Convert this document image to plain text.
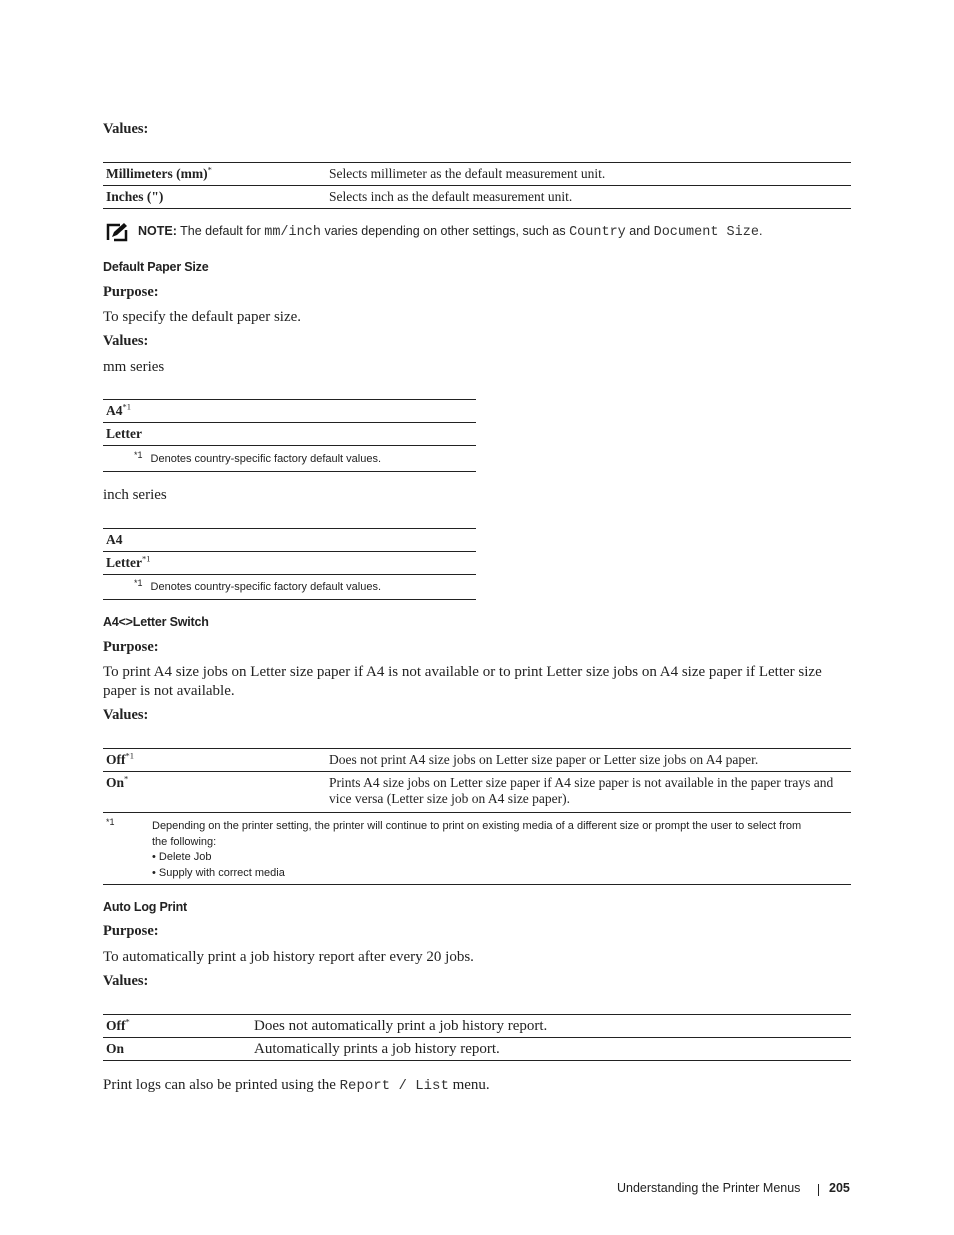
Values:
Millimeters (mm)*	Selects millimeter as the default measurement unit.
Inches (")	Selects inch as the default measurement unit.
NOTE: The default for mm/inch varies depending on other settings, such as Country and Document Size.
Default Paper Size
Purpose:
To specify the default paper size.
Values:
mm series
A4$^{*1}$
Letter
$^{*1}$ Denotes country-specific factory default values.
inch series
A4
Letter$^{*1}$
$^{*1}$ Denotes country-specific factory default values.
A4<>Letter Switch
Purpose:
To print A4 size jobs on Letter size paper if A4 is not available or to print Letter size jobs on A4 size paper if Letter size paper is not available.
Values:
Off$^{*1}$	Does not print A4 size jobs on Letter size paper or Letter size jobs on A4 paper.
On*	Prints A4 size jobs on Letter size paper if A4 size paper is not available in the paper trays and vice versa (Letter size job on A4 size paper).

*1 Depending on the printer setting, the printer will continue to print on existing media of a different size or prompt the user to select from
the following:
• Delete Job
• Supply with correct media	
Auto Log Print
Purpose:
To automatically print a job history report after every 20 jobs.
Values:
Off*	Does not automatically print a job history report.
On	Automatically prints a job history report.
Print logs can also be printed using the Report / List menu.
Understanding the Printer Menus 205
